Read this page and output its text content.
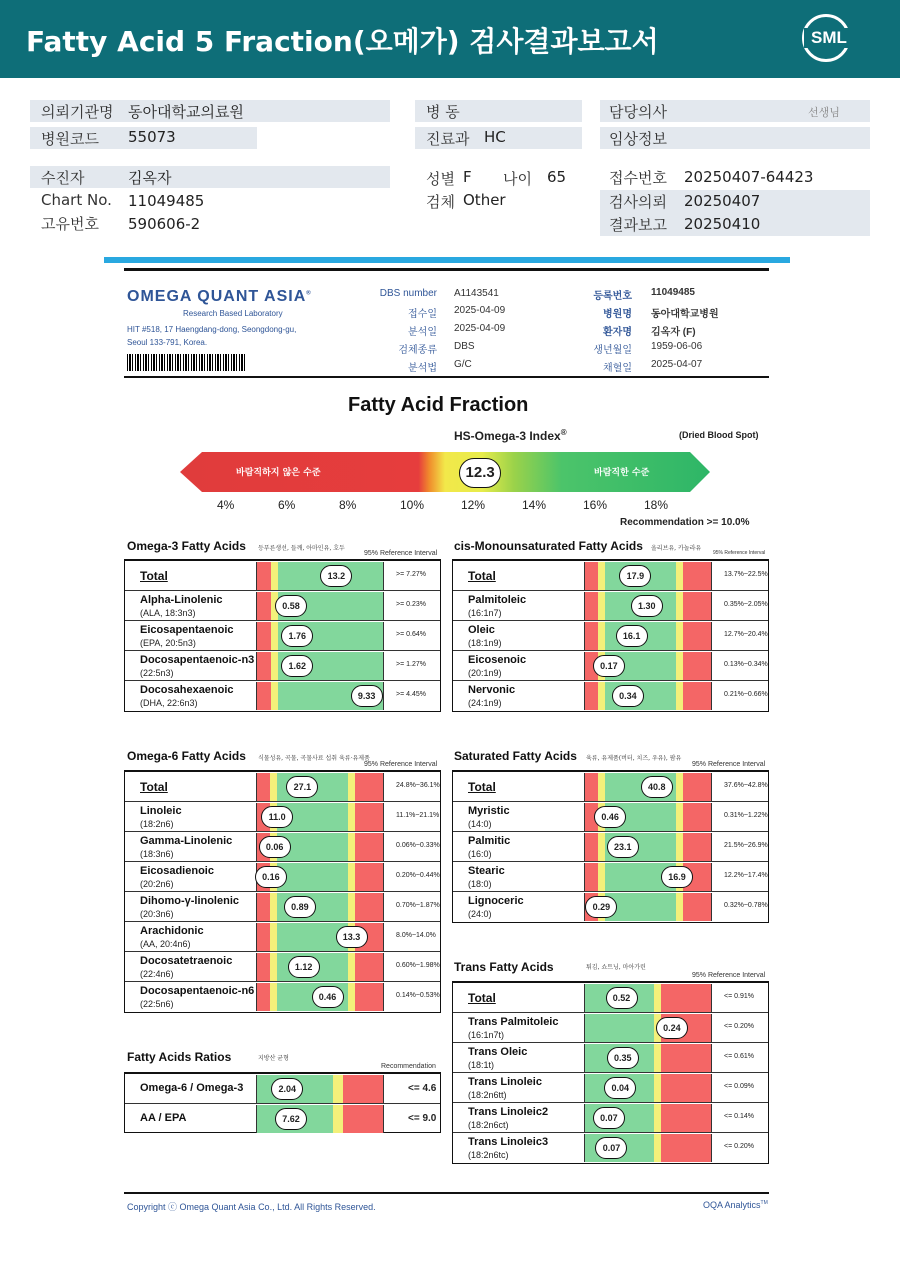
Fatty Acid 5 Fraction(오메가) 검사결과보고서	SML
의뢰기관명 동아대학교의료원
병원코드 55073
수진자	김옥자
Chart No. 11049485
고유번호 590606-2
병 동
진료과 HC
성별 F 나이 65
검체 Other
담당의사	선생님
임상정보
접수번호 20250407-64423
검사의뢰 20250407
결과보고 20250410
OMEGA QUANT ASIA®
Research Based Laboratory
HIT #518, 17 Haengdang-dong, Seongdong-gu,
Seoul 133-791, Korea.
DBS number A1143541
접수일 2025-04-09
분석일 2025-04-09
검체종류 DBS
분석법 G/C
등록번호 11049485
병원명 동아대학교병원
환자명 김옥자 (F)
생년월일 1959-06-06
채혈일 2025-04-07
Fatty Acid Fraction
HS-Omega-3 Index®	(Dried Blood Spot)
바람직하지 않은 수준	바람직한 수준
12.3
4%	6%	8%	10%	12%	14%	16%	18%
Recommendation >= 10.0%
Omega-3 Fatty Acids 등푸른생선, 들깨, 아마인유, 호두
95% Reference Interval
cis-Monounsaturated Fatty Acids 올리브유, 카놀라유
95% Reference Interval
Omega-6 Fatty Acids 식물성유, 곡물, 곡물사료 섭취 육류·유제품
95% Reference Interval
Saturated Fatty Acids 육류, 유제품(버터, 치즈, 우유), 팜유
95% Reference Interval
Trans Fatty Acids	튀김, 쇼트닝, 마아가린
95% Reference Interval
Fatty Acids Ratios	지방산 균형
Recommendation
Total	13.2	>= 7.27%
Alpha-Linolenic
(ALA, 18:3n3)
0.58	>= 0.23%
Eicosapentaenoic
(EPA, 20:5n3)
1.76	>= 0.64%
Docosapentaenoic-n3
(22:5n3)
1.62	>= 1.27%
Docosahexaenoic
(DHA, 22:6n3)
9.33	>= 4.45%
Total	17.9	13.7%~22.5%
Palmitoleic
(16:1n7)
1.30	0.35%~2.05%
Oleic
(18:1n9)
16.1	12.7%~20.4%
Eicosenoic
(20:1n9)
0.17	0.13%~0.34%
Nervonic
(24:1n9)
0.34	0.21%~0.66%
Total	27.1	24.8%~36.1%
Linoleic
(18:2n6)
11.0	11.1%~21.1%
Gamma-Linolenic
(18:3n6)
0.06	0.06%~0.33%
Eicosadienoic
(20:2n6)
0.16	0.20%~0.44%
Dihomo-γ-linolenic
(20:3n6)
0.89	0.70%~1.87%
Arachidonic
(AA, 20:4n6)
13.3	8.0%~14.0%
Docosatetraenoic
(22:4n6)
1.12	0.60%~1.98%
Docosapentaenoic-n6
(22:5n6)
0.46	0.14%~0.53%
Total	40.8	37.6%~42.8%
Myristic
(14:0)
0.46	0.31%~1.22%
Palmitic
(16:0)
23.1	21.5%~26.9%
Stearic
(18:0)
16.9	12.2%~17.4%
Lignoceric
(24:0)
0.29	0.32%~0.78%
Total	0.52	<= 0.91%
Trans Palmitoleic
(16:1n7t)
0.24	<= 0.20%
Trans Oleic
(18:1t)
0.35	<= 0.61%
Trans Linoleic
(18:2n6tt)
0.04	<= 0.09%
Trans Linoleic2
(18:2n6ct)
0.07	<= 0.14%
Trans Linoleic3
(18:2n6tc)
0.07	<= 0.20%
Omega-6 / Omega-3	2.04	<= 4.6
AA / EPA	7.62	<= 9.0
Copyright ⓒ Omega Quant Asia Co., Ltd. All Rights Reserved.	OQA Analytics™
